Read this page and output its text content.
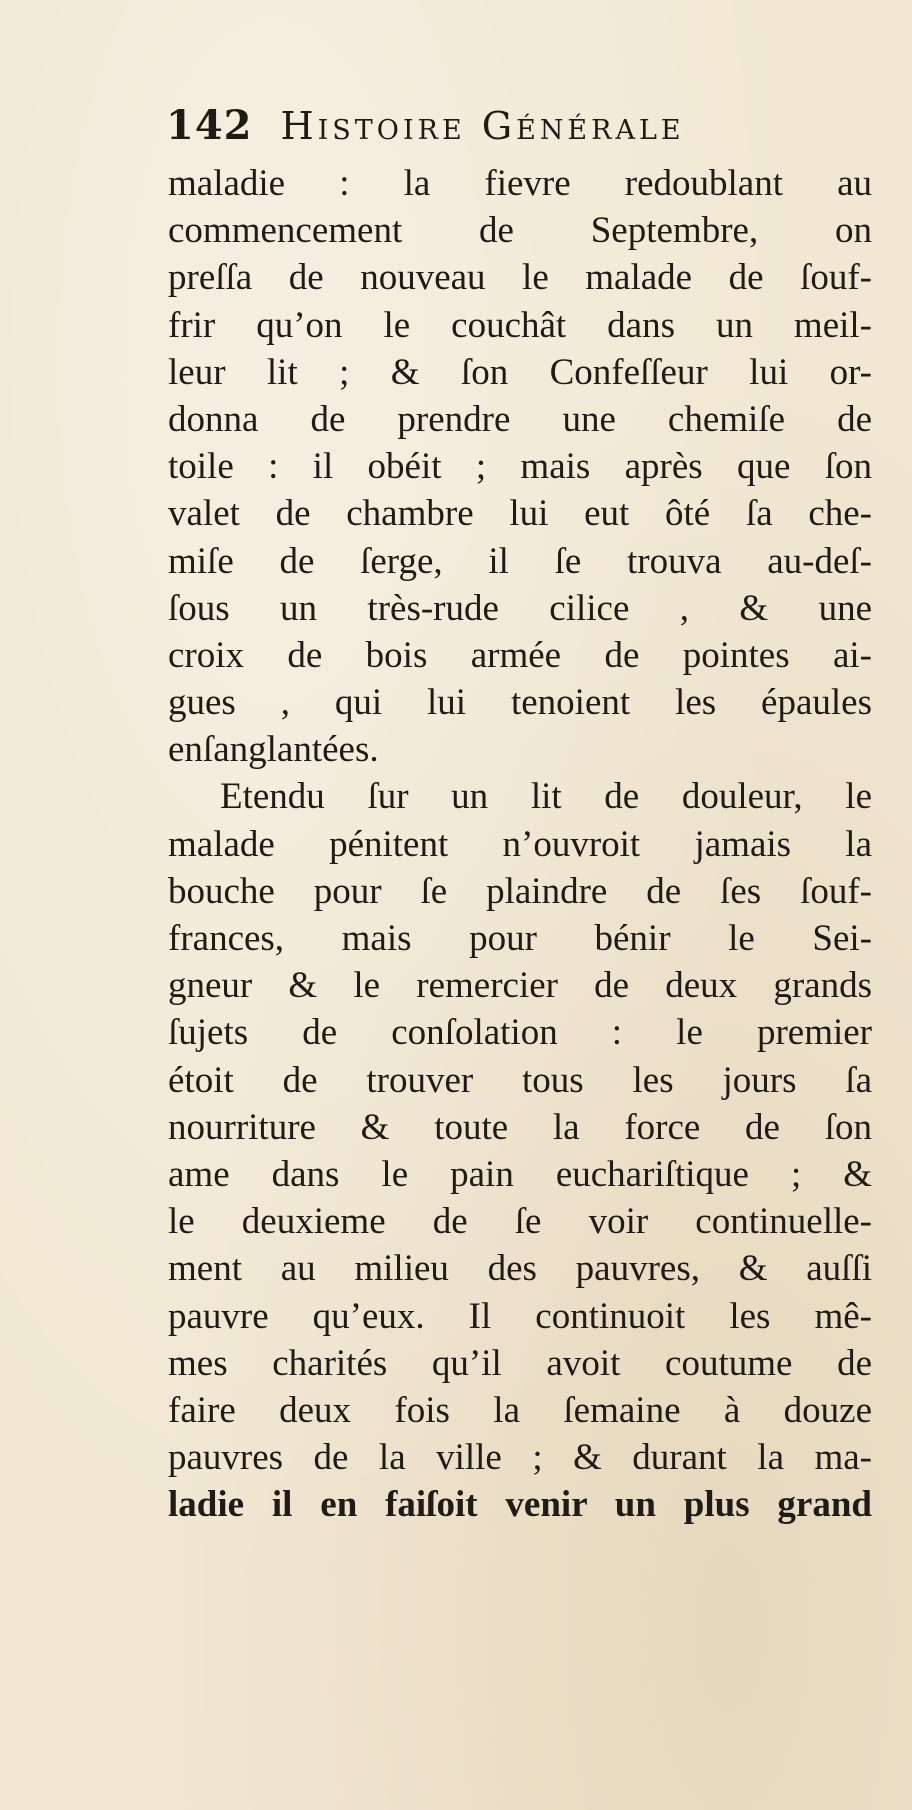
142 Histoire Générale
maladie : la fievre redoublant au
commencement de Septembre, on
preſſa de nouveau le malade de ſouf-
frir qu’on le couchât dans un meil-
leur lit ; & ſon Confeſſeur lui or-
donna de prendre une chemiſe de
toile : il obéit ; mais après que ſon
valet de chambre lui eut ôté ſa che-
miſe de ſerge, il ſe trouva au-deſ-
ſous un très-rude cilice , & une
croix de bois armée de pointes ai-
gues , qui lui tenoient les épaules
enſanglantées.
Etendu ſur un lit de douleur, le
malade pénitent n’ouvroit jamais la
bouche pour ſe plaindre de ſes ſouf-
frances, mais pour bénir le Sei-
gneur & le remercier de deux grands
ſujets de conſolation : le premier
étoit de trouver tous les jours ſa
nourriture & toute la force de ſon
ame dans le pain euchariſtique ; &
le deuxieme de ſe voir continuelle-
ment au milieu des pauvres, & auſſi
pauvre qu’eux. Il continuoit les mê-
mes charités qu’il avoit coutume de
faire deux fois la ſemaine à douze
pauvres de la ville ; & durant la ma-
ladie il en faiſoit venir un plus grand
